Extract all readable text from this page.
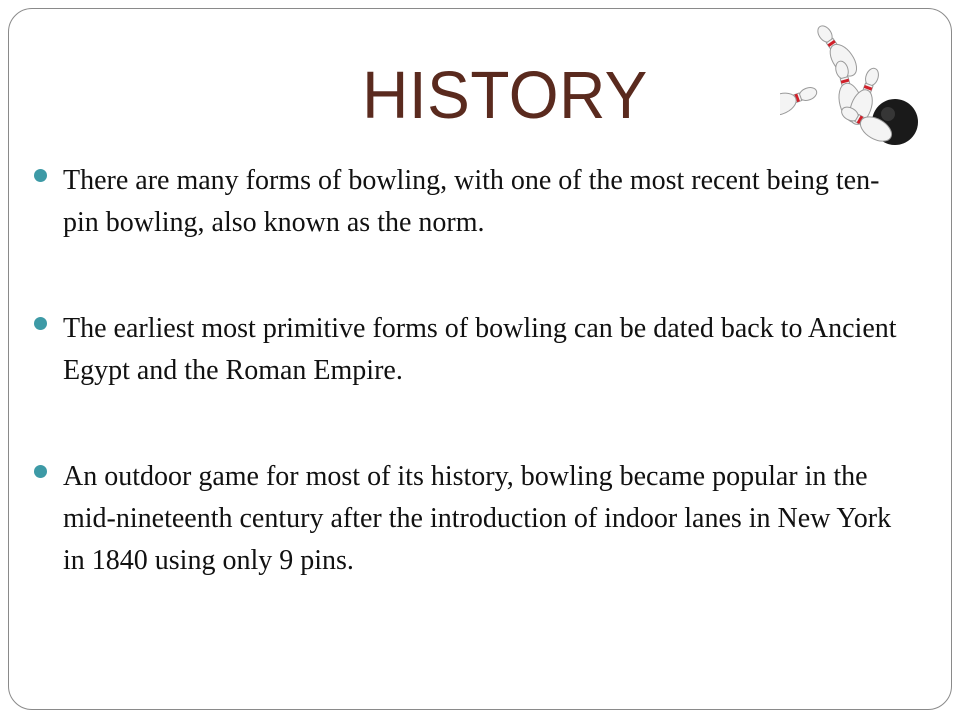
HISTORY
There are many forms of bowling, with one of the most recent being ten-pin bowling, also known as the norm.
The earliest most primitive forms of bowling can be dated back to Ancient Egypt and the Roman Empire.
An outdoor game for most of its history, bowling became popular in the mid-nineteenth century after the introduction of indoor lanes in New York in 1840 using only 9 pins.
